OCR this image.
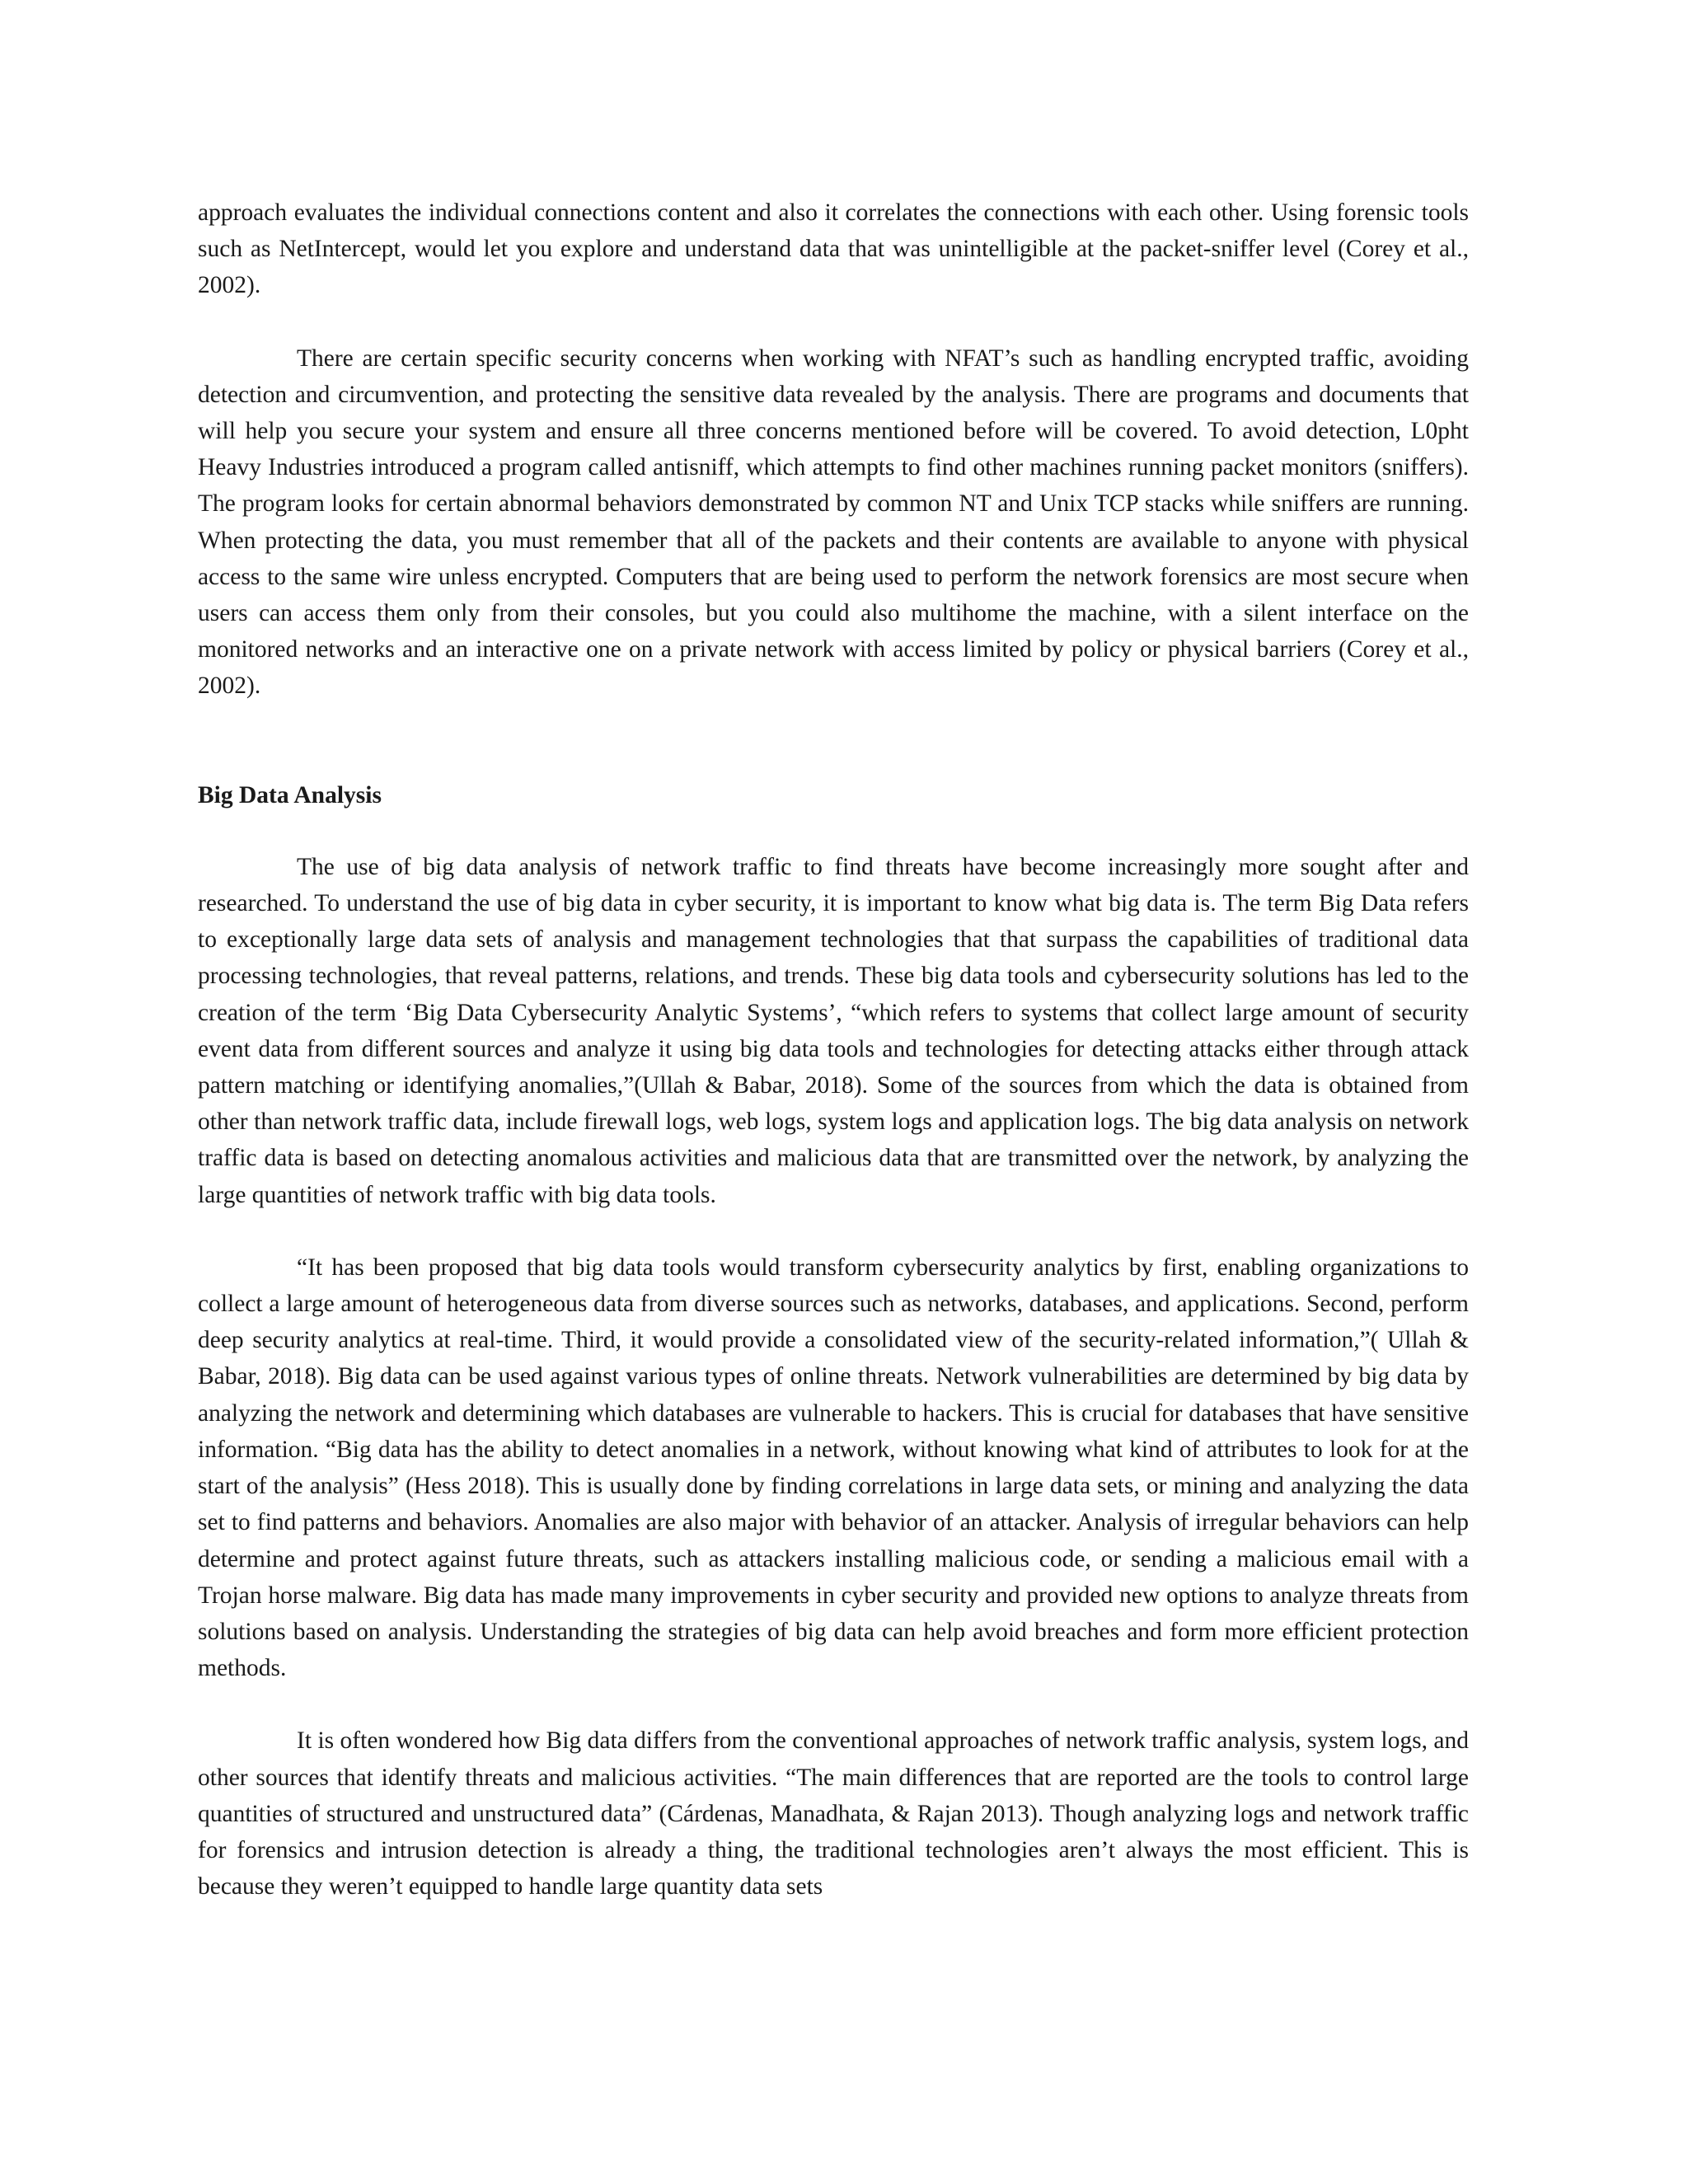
approach evaluates the individual connections content and also it correlates the connections with each other. Using forensic tools such as NetIntercept, would let you explore and understand data that was unintelligible at the packet-sniffer level (Corey et al., 2002).

There are certain specific security concerns when working with NFAT’s such as handling encrypted traffic, avoiding detection and circumvention, and protecting the sensitive data revealed by the analysis. There are programs and documents that will help you secure your system and ensure all three concerns mentioned before will be covered. To avoid detection, L0pht Heavy Industries introduced a program called antisniff, which attempts to find other machines running packet monitors (sniffers). The program looks for certain abnormal behaviors demonstrated by common NT and Unix TCP stacks while sniffers are running. When protecting the data, you must remember that all of the packets and their contents are available to anyone with physical access to the same wire unless encrypted. Computers that are being used to perform the network forensics are most secure when users can access them only from their consoles, but you could also multihome the machine, with a silent interface on the monitored networks and an interactive one on a private network with access limited by policy or physical barriers (Corey et al., 2002).

Big Data Analysis

The use of big data analysis of network traffic to find threats have become increasingly more sought after and researched. To understand the use of big data in cyber security, it is important to know what big data is. The term Big Data refers to exceptionally large data sets of analysis and management technologies that that surpass the capabilities of traditional data processing technologies, that reveal patterns, relations, and trends. These big data tools and cybersecurity solutions has led to the creation of the term ‘Big Data Cybersecurity Analytic Systems’, “which refers to systems that collect large amount of security event data from different sources and analyze it using big data tools and technologies for detecting attacks either through attack pattern matching or identifying anomalies,”(Ullah & Babar, 2018). Some of the sources from which the data is obtained from other than network traffic data, include firewall logs, web logs, system logs and application logs. The big data analysis on network traffic data is based on detecting anomalous activities and malicious data that are transmitted over the network, by analyzing the large quantities of network traffic with big data tools.

“It has been proposed that big data tools would transform cybersecurity analytics by first, enabling organizations to collect a large amount of heterogeneous data from diverse sources such as networks, databases, and applications. Second, perform deep security analytics at real-time. Third, it would provide a consolidated view of the security-related information,”( Ullah & Babar, 2018). Big data can be used against various types of online threats. Network vulnerabilities are determined by big data by analyzing the network and determining which databases are vulnerable to hackers. This is crucial for databases that have sensitive information. “Big data has the ability to detect anomalies in a network, without knowing what kind of attributes to look for at the start of the analysis” (Hess 2018). This is usually done by finding correlations in large data sets, or mining and analyzing the data set to find patterns and behaviors. Anomalies are also major with behavior of an attacker. Analysis of irregular behaviors can help determine and protect against future threats, such as attackers installing malicious code, or sending a malicious email with a Trojan horse malware. Big data has made many improvements in cyber security and provided new options to analyze threats from solutions based on analysis. Understanding the strategies of big data can help avoid breaches and form more efficient protection methods.

It is often wondered how Big data differs from the conventional approaches of network traffic analysis, system logs, and other sources that identify threats and malicious activities. “The main differences that are reported are the tools to control large quantities of structured and unstructured data” (Cárdenas, Manadhata, & Rajan 2013). Though analyzing logs and network traffic for forensics and intrusion detection is already a thing, the traditional technologies aren’t always the most efficient. This is because they weren’t equipped to handle large quantity data sets
